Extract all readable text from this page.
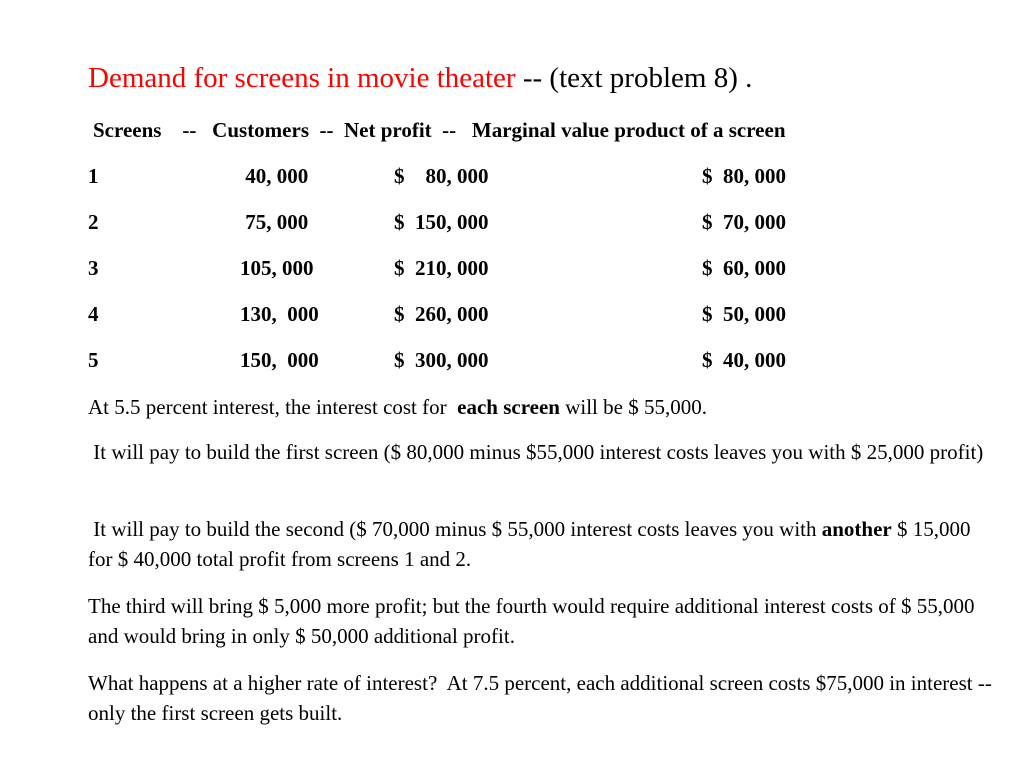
Demand for screens in movie theater -- (text problem 8) .
Screens    --   Customers  --  Net profit  --   Marginal value product of a screen
1	40, 000	$    80, 000	$  80, 000
2	75, 000	$  150, 000	$  70, 000
3	105, 000	$  210, 000	$  60, 000
4	130,  000	$  260, 000	$  50, 000
5	150,  000	$  300, 000	$  40, 000
At 5.5 percent interest, the interest cost for  each screen will be $ 55,000.
It will pay to build the first screen ($ 80,000 minus $55,000 interest costs leaves you with $ 25,000 profit)
It will pay to build the second ($ 70,000 minus $ 55,000 interest costs leaves you with another $ 15,000 for $ 40,000 total profit from screens 1 and 2.
The third will bring $ 5,000 more profit; but the fourth would require additional interest costs of $ 55,000 and would bring in only $ 50,000 additional profit.
What happens at a higher rate of interest?  At 7.5 percent, each additional screen costs $75,000 in interest -- only the first screen gets built.
